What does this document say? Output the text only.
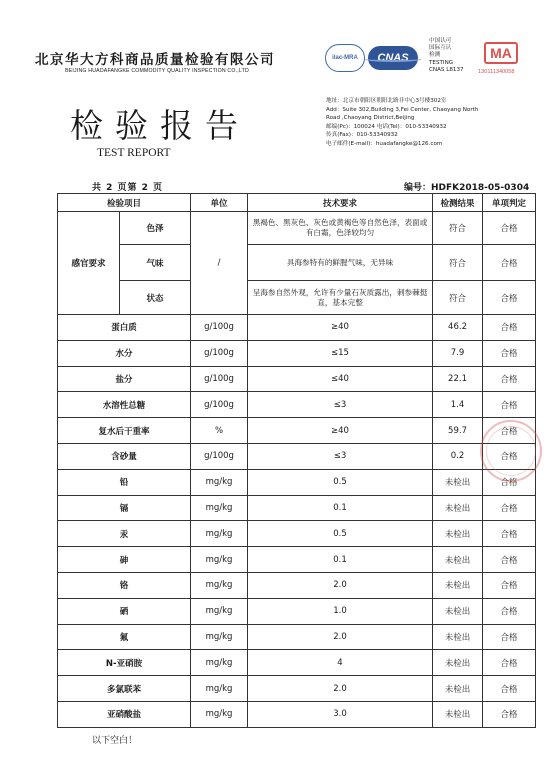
北京华大方科商品质量检验有限公司
BEIJING HUADAFANGKE COMMODITY QUALITY INSPECTION CO.,LTD
检验报告
TEST REPORT
ilac-MRA CNAS
中国认可
国际互认
检测
TESTING
CNAS L8137
MA
130111340058
地址：北京市朝阳区朝阳北路非中心3号楼302室
Add：Suite 302,Building 3,Fei Center, Chaoyang North
Road ,Chaoyang District,Beijing
邮编(Pc)：100024 电话(Tel)：010-53340932
传真(Fax)：010-53340932
电子邮件(E-mail)：huadafangke@126.com
共 2 页第 2 页	编号：HDFK2018-05-0304
检验项目		单位	技术要求	检测结果	单项判定
感官要求	色泽	/	黑褐色、黑灰色、灰色或黄褐色等自然色泽，表面或有白霜，色泽较均匀	符合	合格
	气味		具海参特有的鲜腥气味，无异味	符合	合格
	状态		呈海参自然外观，允许有少量石灰质露出，刺参棘挺直，基本完整	符合	合格
蛋白质		g/100g	≥40	46.2	合格
水分		g/100g	≤15	7.9	合格
盐分		g/100g	≤40	22.1	合格
水溶性总糖		g/100g	≤3	1.4	合格
复水后干重率		%	≥40	59.7	合格
含砂量		g/100g	≤3	0.2	合格
铅		mg/kg	0.5	未检出	合格
镉		mg/kg	0.1	未检出	合格
汞		mg/kg	0.5	未检出	合格
砷		mg/kg	0.1	未检出	合格
铬		mg/kg	2.0	未检出	合格
硒		mg/kg	1.0	未检出	合格
氟		mg/kg	2.0	未检出	合格
N-亚硝胺		mg/kg	4	未检出	合格
多氯联苯		mg/kg	2.0	未检出	合格
亚硝酸盐		mg/kg	3.0	未检出	合格
以下空白！
